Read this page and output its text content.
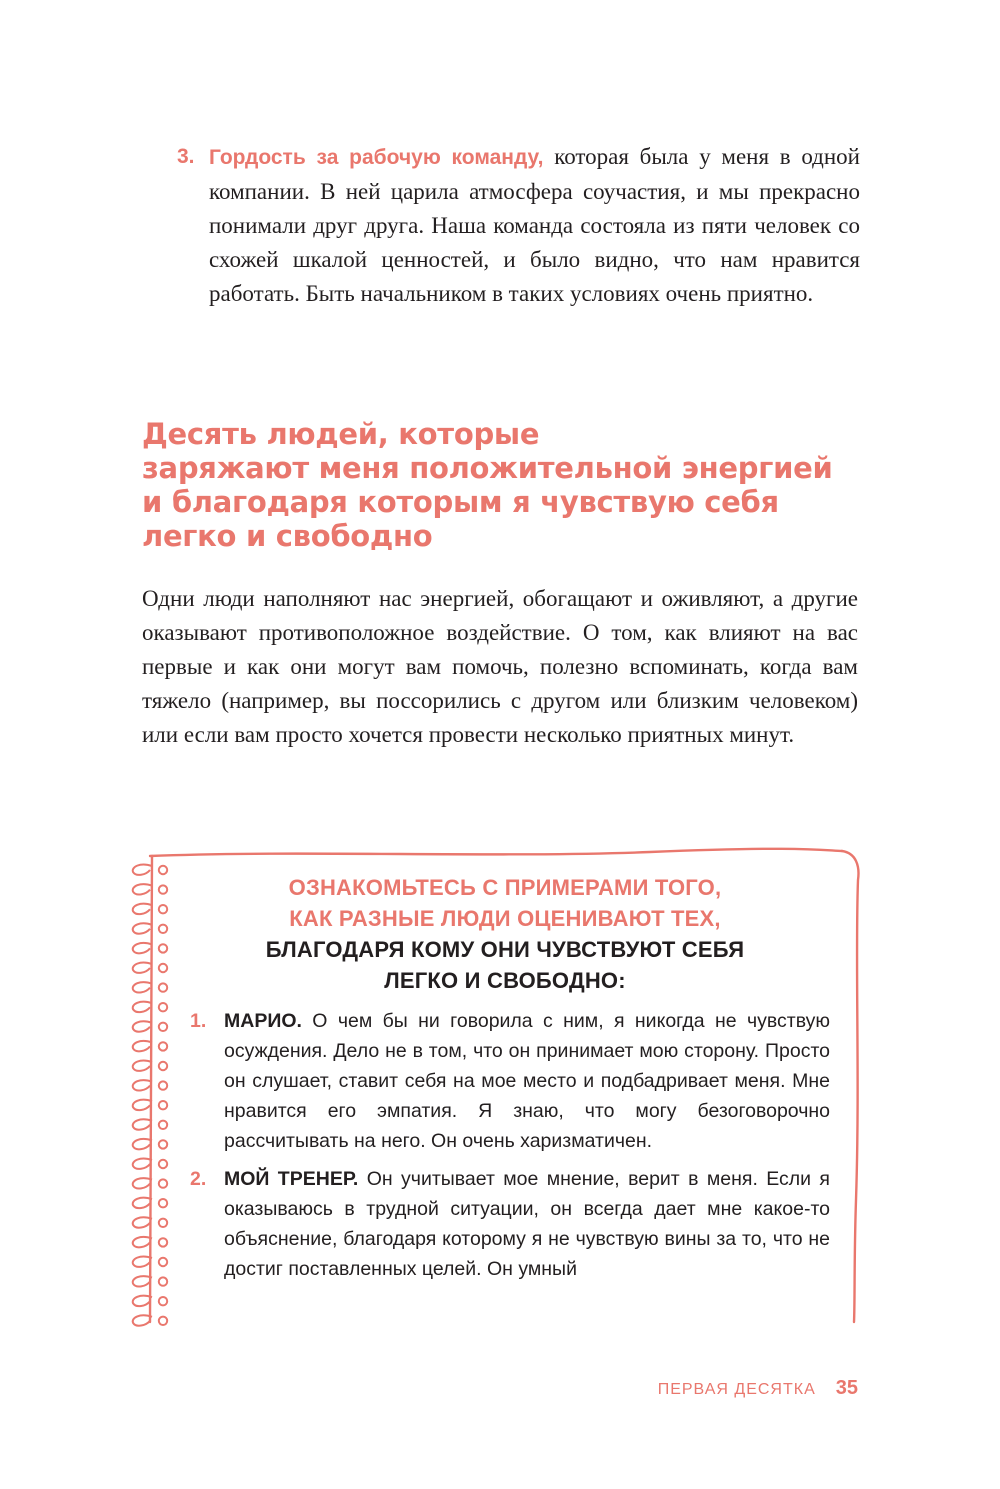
3. Гордость за рабочую команду, которая была у меня в одной компании. В ней царила атмосфера соучастия, и мы прекрасно понимали друг друга. Наша команда состояла из пяти человек со схожей шкалой ценностей, и было видно, что нам нравится работать. Быть начальником в таких условиях очень приятно.
Десять людей, которые
заряжают меня положительной энергией
и благодаря которым я чувствую себя
легко и свободно

Одни люди наполняют нас энергией, обогащают и оживляют, а другие оказывают противоположное воздействие. О том, как влияют на вас первые и как они могут вам помочь, полезно вспоминать, когда вам тяжело (например, вы поссорились с другом или близким человеком) или если вам просто хочется провести несколько приятных минут.

ОЗНАКОМЬТЕСЬ С ПРИМЕРАМИ ТОГО,
КАК РАЗНЫЕ ЛЮДИ ОЦЕНИВАЮТ ТЕХ,
БЛАГОДАРЯ КОМУ ОНИ ЧУВСТВУЮТ СЕБЯ
ЛЕГКО И СВОБОДНО:
1. МАРИО. О чем бы ни говорила с ним, я никогда не чувствую осуждения. Дело не в том, что он принимает мою сторону. Просто он слушает, ставит себя на мое место и подбадривает меня. Мне нравится его эмпатия. Я знаю, что могу безоговорочно рассчитывать на него. Он очень харизматичен.
2. МОЙ ТРЕНЕР. Он учитывает мое мнение, верит в меня. Если я оказываюсь в трудной ситуации, он всегда дает мне какое-то объяснение, благодаря которому я не чувствую вины за то, что не достиг поставленных целей. Он умный
ПЕРВАЯ ДЕСЯТКА 35
